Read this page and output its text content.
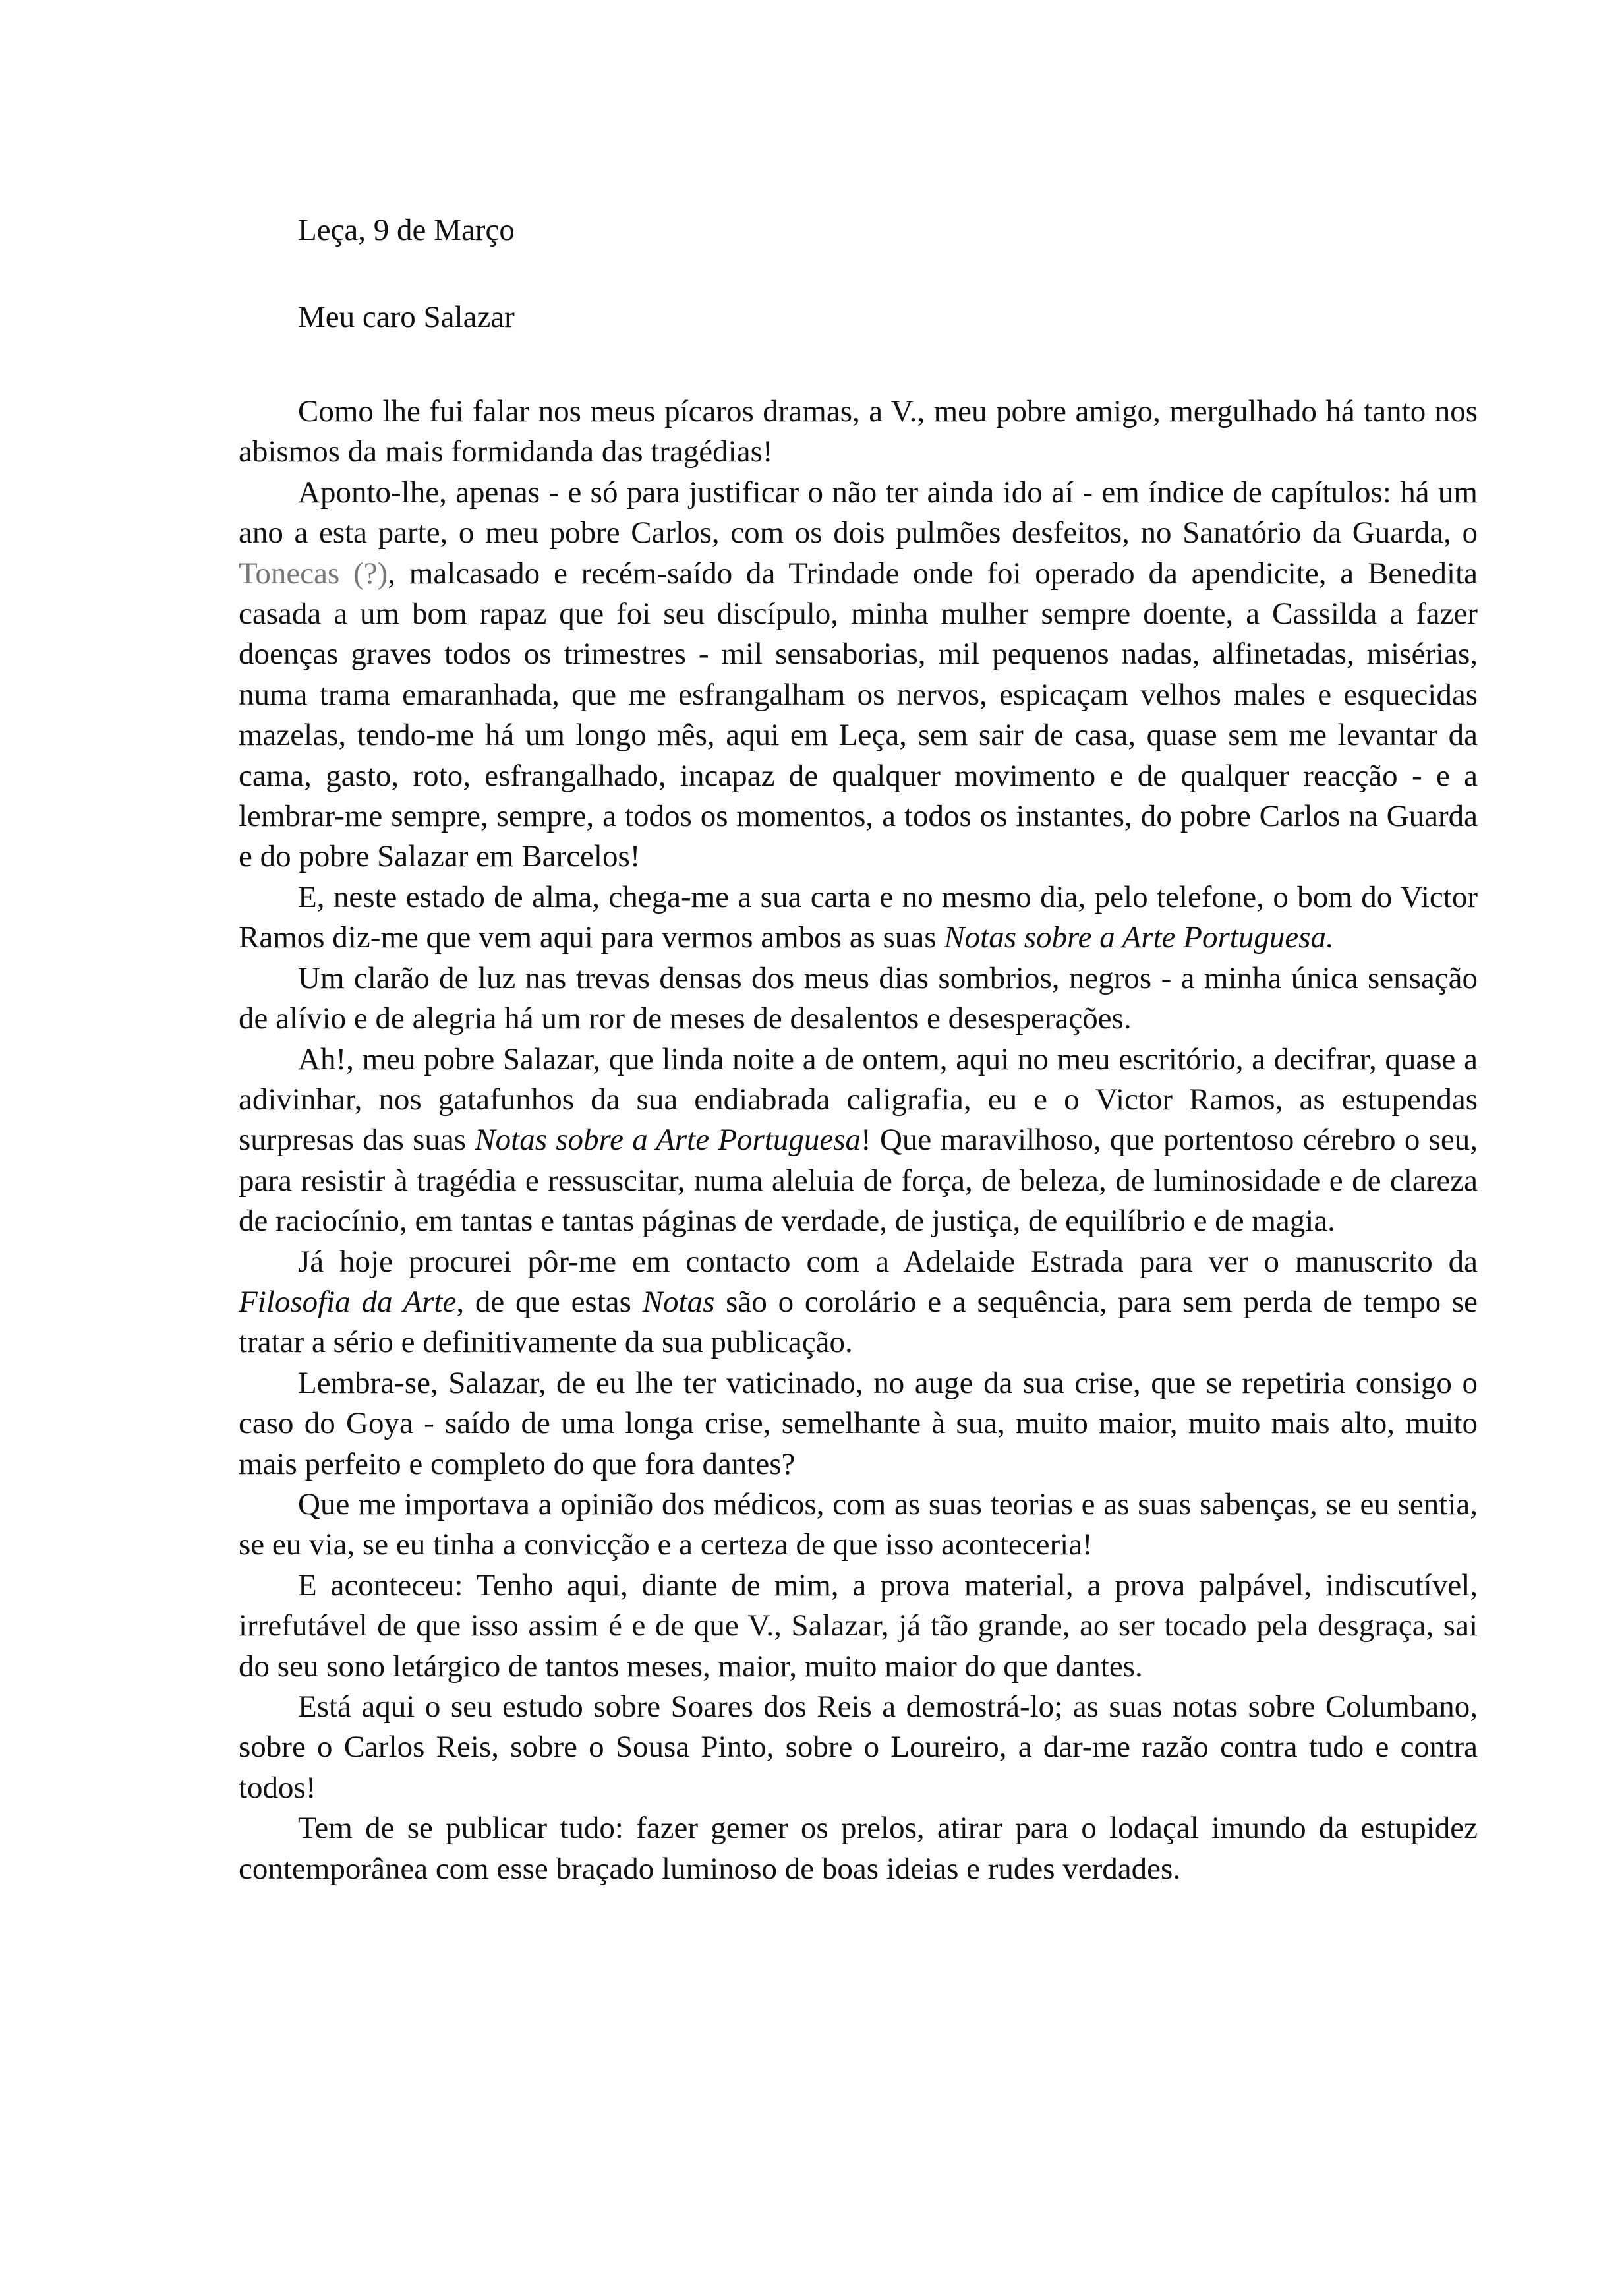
Leça, 9 de Março

Meu caro Salazar

Como lhe fui falar nos meus pícaros dramas, a V., meu pobre amigo, mergulhado há tanto nos abismos da mais formidanda das tragédias!

Aponto-lhe, apenas - e só para justificar o não ter ainda ido aí - em índice de capítulos: há um ano a esta parte, o meu pobre Carlos, com os dois pulmões desfeitos, no Sanatório da Guarda, o Tonecas (?), malcasado e recém-saído da Trindade onde foi operado da apendicite, a Benedita casada a um bom rapaz que foi seu discípulo, minha mulher sempre doente, a Cassilda a fazer doenças graves todos os trimestres - mil sensaborias, mil pequenos nadas, alfinetadas, misérias, numa trama emaranhada, que me esfrangalham os nervos, espicaçam velhos males e esquecidas mazelas, tendo-me há um longo mês, aqui em Leça, sem sair de casa, quase sem me levantar da cama, gasto, roto, esfrangalhado, incapaz de qualquer movimento e de qualquer reacção - e a lembrar-me sempre, sempre, a todos os momentos, a todos os instantes, do pobre Carlos na Guarda e do pobre Salazar em Barcelos!

E, neste estado de alma, chega-me a sua carta e no mesmo dia, pelo telefone, o bom do Victor Ramos diz-me que vem aqui para vermos ambos as suas Notas sobre a Arte Portuguesa.

Um clarão de luz nas trevas densas dos meus dias sombrios, negros - a minha única sensação de alívio e de alegria há um ror de meses de desalentos e desesperações.

Ah!, meu pobre Salazar, que linda noite a de ontem, aqui no meu escritório, a decifrar, quase a adivinhar, nos gatafunhos da sua endiabrada caligrafia, eu e o Victor Ramos, as estupendas surpresas das suas Notas sobre a Arte Portuguesa! Que maravilhoso, que portentoso cérebro o seu, para resistir à tragédia e ressuscitar, numa aleluia de força, de beleza, de luminosidade e de clareza de raciocínio, em tantas e tantas páginas de verdade, de justiça, de equilíbrio e de magia.

Já hoje procurei pôr-me em contacto com a Adelaide Estrada para ver o manuscrito da Filosofia da Arte, de que estas Notas são o corolário e a sequência, para sem perda de tempo se tratar a sério e definitivamente da sua publicação.

Lembra-se, Salazar, de eu lhe ter vaticinado, no auge da sua crise, que se repetiria consigo o caso do Goya - saído de uma longa crise, semelhante à sua, muito maior, muito mais alto, muito mais perfeito e completo do que fora dantes?

Que me importava a opinião dos médicos, com as suas teorias e as suas sabenças, se eu sentia, se eu via, se eu tinha a convicção e a certeza de que isso aconteceria!

E aconteceu: Tenho aqui, diante de mim, a prova material, a prova palpável, indiscutível, irrefutável de que isso assim é e de que V., Salazar, já tão grande, ao ser tocado pela desgraça, sai do seu sono letárgico de tantos meses, maior, muito maior do que dantes.

Está aqui o seu estudo sobre Soares dos Reis a demostrá-lo; as suas notas sobre Columbano, sobre o Carlos Reis, sobre o Sousa Pinto, sobre o Loureiro, a dar-me razão contra tudo e contra todos!

Tem de se publicar tudo: fazer gemer os prelos, atirar para o lodaçal imundo da estupidez contemporânea com esse braçado luminoso de boas ideias e rudes verdades.
